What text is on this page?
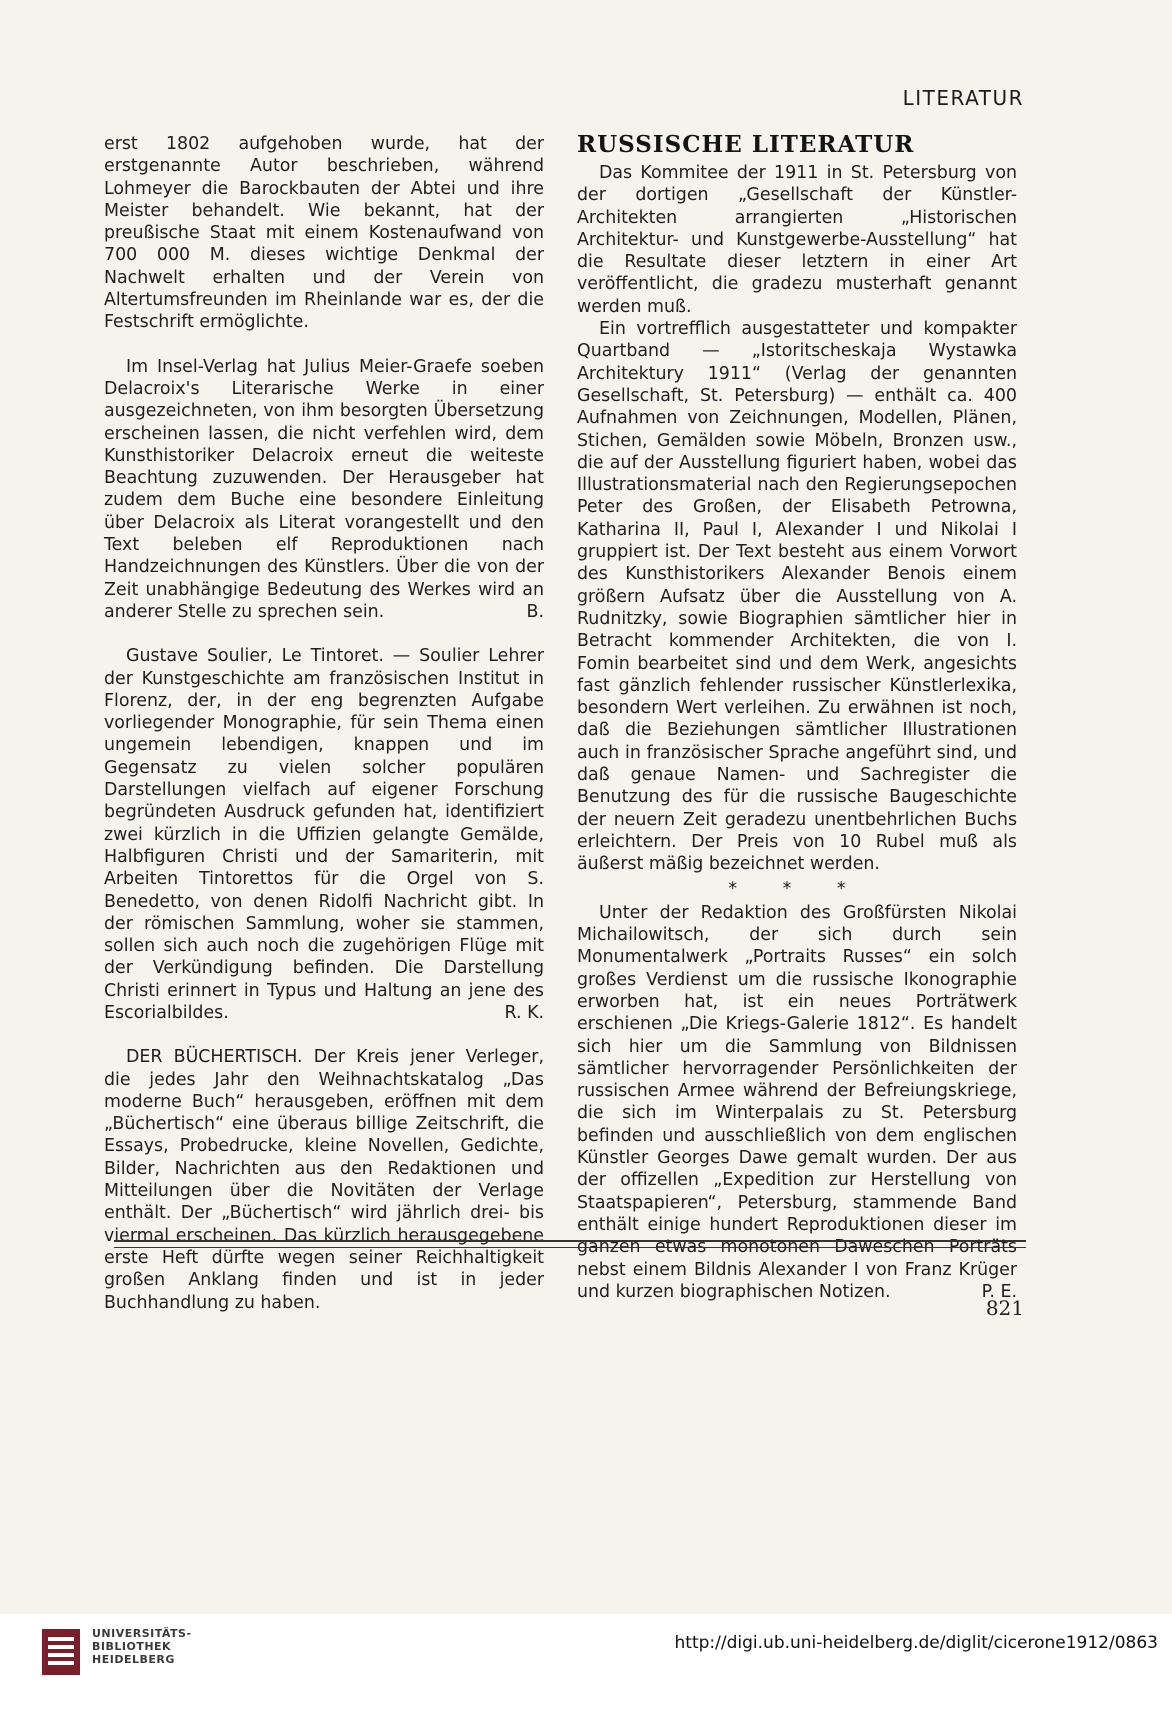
LITERATUR

erst 1802 aufgehoben wurde, hat der erstgenannte Autor beschrieben, während Lohmeyer die Barockbauten der Abtei und ihre Meister behandelt. Wie bekannt, hat der preußische Staat mit einem Kostenaufwand von 700 000 M. dieses wichtige Denkmal der Nachwelt erhalten und der Verein von Altertumsfreunden im Rheinlande war es, der die Festschrift ermöglichte.

Im Insel-Verlag hat Julius Meier-Graefe soeben Delacroix's Literarische Werke in einer ausgezeichneten, von ihm besorgten Übersetzung erscheinen lassen, die nicht verfehlen wird, dem Kunsthistoriker Delacroix erneut die weiteste Beachtung zuzuwenden. Der Herausgeber hat zudem dem Buche eine besondere Einleitung über Delacroix als Literat vorangestellt und den Text beleben elf Reproduktionen nach Handzeichnungen des Künstlers. Über die von der Zeit unabhängige Bedeutung des Werkes wird an anderer Stelle zu sprechen sein.	B.

Gustave Soulier, Le Tintoret. — Soulier Lehrer der Kunstgeschichte am französischen Institut in Florenz, der, in der eng begrenzten Aufgabe vorliegender Monographie, für sein Thema einen ungemein lebendigen, knappen und im Gegensatz zu vielen solcher populären Darstellungen vielfach auf eigener Forschung begründeten Ausdruck gefunden hat, identifiziert zwei kürzlich in die Uffizien gelangte Gemälde, Halbfiguren Christi und der Samariterin, mit Arbeiten Tintorettos für die Orgel von S. Benedetto, von denen Ridolfi Nachricht gibt. In der römischen Sammlung, woher sie stammen, sollen sich auch noch die zugehörigen Flüge mit der Verkündigung befinden. Die Darstellung Christi erinnert in Typus und Haltung an jene des Escorialbildes.	R. K.

DER BÜCHERTISCH. Der Kreis jener Verleger, die jedes Jahr den Weihnachtskatalog „Das moderne Buch“ herausgeben, eröffnen mit dem „Büchertisch“ eine überaus billige Zeitschrift, die Essays, Probedrucke, kleine Novellen, Gedichte, Bilder, Nachrichten aus den Redaktionen und Mitteilungen über die Novitäten der Verlage enthält. Der „Büchertisch“ wird jährlich drei- bis viermal erscheinen. Das kürzlich herausgegebene erste Heft dürfte wegen seiner Reichhaltigkeit großen Anklang finden und ist in jeder Buchhandlung zu haben.

RUSSISCHE LITERATUR

Das Kommitee der 1911 in St. Petersburg von der dortigen „Gesellschaft der Künstler-Architekten arrangierten „Historischen Architektur- und Kunstgewerbe-Ausstellung“ hat die Resultate dieser letztern in einer Art veröffentlicht, die gradezu musterhaft genannt werden muß.

Ein vortrefflich ausgestatteter und kompakter Quartband — „Istoritscheskaja Wystawka Architektury 1911“ (Verlag der genannten Gesellschaft, St. Petersburg) — enthält ca. 400 Aufnahmen von Zeichnungen, Modellen, Plänen, Stichen, Gemälden sowie Möbeln, Bronzen usw., die auf der Ausstellung figuriert haben, wobei das Illustrationsmaterial nach den Regierungsepochen Peter des Großen, der Elisabeth Petrowna, Katharina II, Paul I, Alexander I und Nikolai I gruppiert ist. Der Text besteht aus einem Vorwort des Kunsthistorikers Alexander Benois einem größern Aufsatz über die Ausstellung von A. Rudnitzky, sowie Biographien sämtlicher hier in Betracht kommender Architekten, die von I. Fomin bearbeitet sind und dem Werk, angesichts fast gänzlich fehlender russischer Künstlerlexika, besondern Wert verleihen. Zu erwähnen ist noch, daß die Beziehungen sämtlicher Illustrationen auch in französischer Sprache angeführt sind, und daß genaue Namen- und Sachregister die Benutzung des für die russische Baugeschichte der neuern Zeit geradezu unentbehrlichen Buchs erleichtern. Der Preis von 10 Rubel muß als äußerst mäßig bezeichnet werden.

* * *

Unter der Redaktion des Großfürsten Nikolai Michailowitsch, der sich durch sein Monumentalwerk „Portraits Russes“ ein solch großes Verdienst um die russische Ikonographie erworben hat, ist ein neues Porträtwerk erschienen „Die Kriegs-Galerie 1812“. Es handelt sich hier um die Sammlung von Bildnissen sämtlicher hervorragender Persönlichkeiten der russischen Armee während der Befreiungskriege, die sich im Winterpalais zu St. Petersburg befinden und ausschließlich von dem englischen Künstler Georges Dawe gemalt wurden. Der aus der offizellen „Expedition zur Herstellung von Staatspapieren“, Petersburg, stammende Band enthält einige hundert Reproduktionen dieser im ganzen etwas monotonen Daweschen Porträts nebst einem Bildnis Alexander I von Franz Krüger und kurzen biographischen Notizen.	P. E.

821
UNIVERSITÄTS-
BIBLIOTHEK
HEIDELBERG
http://digi.ub.uni-heidelberg.de/diglit/cicerone1912/0863
